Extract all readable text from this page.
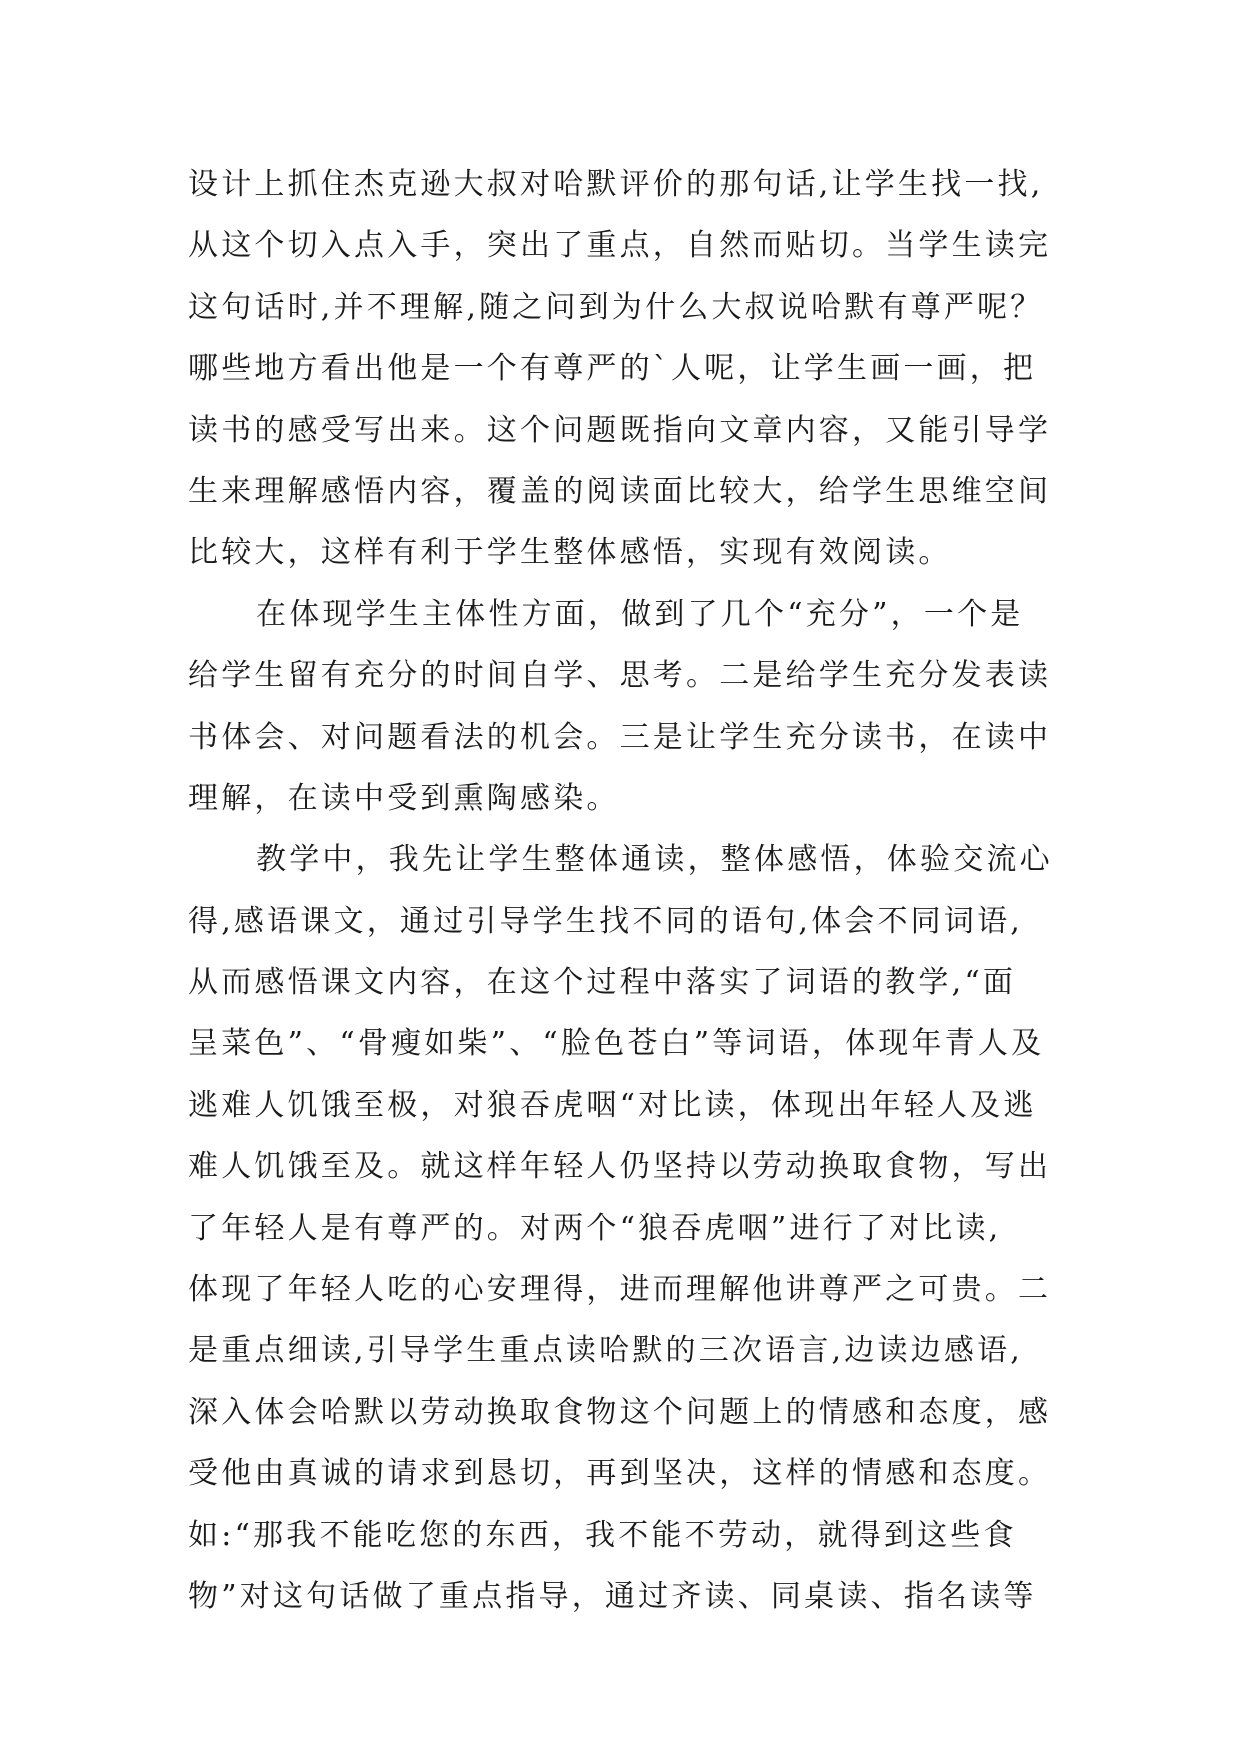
设计上抓住杰克逊大叔对哈默评价的那句话,让学生找一找,
从这个切入点入手，突出了重点，自然而贴切。当学生读完
这句话时,并不理解,随之问到为什么大叔说哈默有尊严呢？
哪些地方看出他是一个有尊严的`人呢，让学生画一画，把
读书的感受写出来。这个问题既指向文章内容，又能引导学
生来理解感悟内容，覆盖的阅读面比较大，给学生思维空间
比较大，这样有利于学生整体感悟，实现有效阅读。
在体现学生主体性方面，做到了几个“充分”，一个是
给学生留有充分的时间自学、思考。二是给学生充分发表读
书体会、对问题看法的机会。三是让学生充分读书，在读中
理解，在读中受到熏陶感染。
教学中，我先让学生整体通读，整体感悟，体验交流心
得,感语课文，通过引导学生找不同的语句,体会不同词语,
从而感悟课文内容，在这个过程中落实了词语的教学,“面
呈菜色”、“骨瘦如柴”、“脸色苍白”等词语，体现年青人及
逃难人饥饿至极，对狼吞虎咽“对比读，体现出年轻人及逃
难人饥饿至及。就这样年轻人仍坚持以劳动换取食物，写出
了年轻人是有尊严的。对两个“狼吞虎咽”进行了对比读,
体现了年轻人吃的心安理得，进而理解他讲尊严之可贵。二
是重点细读,引导学生重点读哈默的三次语言,边读边感语,
深入体会哈默以劳动换取食物这个问题上的情感和态度，感
受他由真诚的请求到恳切，再到坚决，这样的情感和态度。
如:“那我不能吃您的东西，我不能不劳动，就得到这些食
物”对这句话做了重点指导，通过齐读、同桌读、指名读等
